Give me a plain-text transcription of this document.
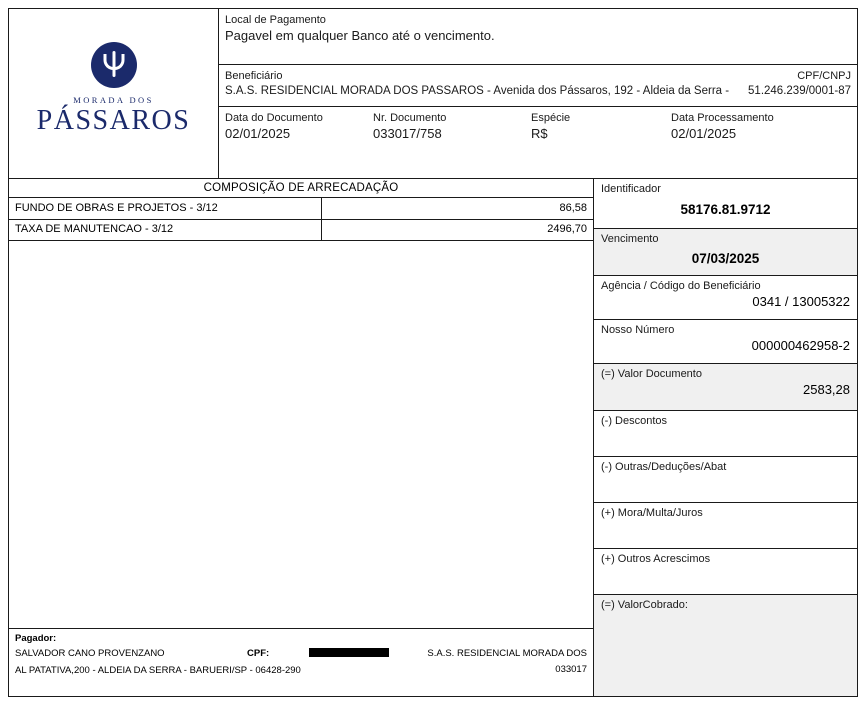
MORADA DOS
PÁSSAROS
Local de Pagamento
Pagavel em qualquer Banco até o vencimento.
Beneficiário	CPF/CNPJ
S.A.S. RESIDENCIAL MORADA DOS PASSAROS - Avenida dos Pássaros, 192 - Aldeia da Serra - 51.246.239/0001-87
Data do Documento
02/01/2025
Nr. Documento
033017/758
Espécie
R$
Data Processamento
02/01/2025
COMPOSIÇÃO DE ARRECADAÇÃO
FUNDO DE OBRAS E PROJETOS - 3/12	86,58
TAXA DE MANUTENCAO - 3/12	2496,70
Pagador:
SALVADOR CANO PROVENZANO	CPF:	S.A.S. RESIDENCIAL MORADA DOS
AL PATATIVA,200 - ALDEIA DA SERRA - BARUERI/SP - 06428-290	033017
Identificador
58176.81.9712
Vencimento
07/03/2025
Agência / Código do Beneficiário
0341 / 13005322
Nosso Número
000000462958-2
(=) Valor Documento
2583,28
(-) Descontos
(-) Outras/Deduções/Abat
(+) Mora/Multa/Juros
(+) Outros Acrescimos
(=) ValorCobrado:
